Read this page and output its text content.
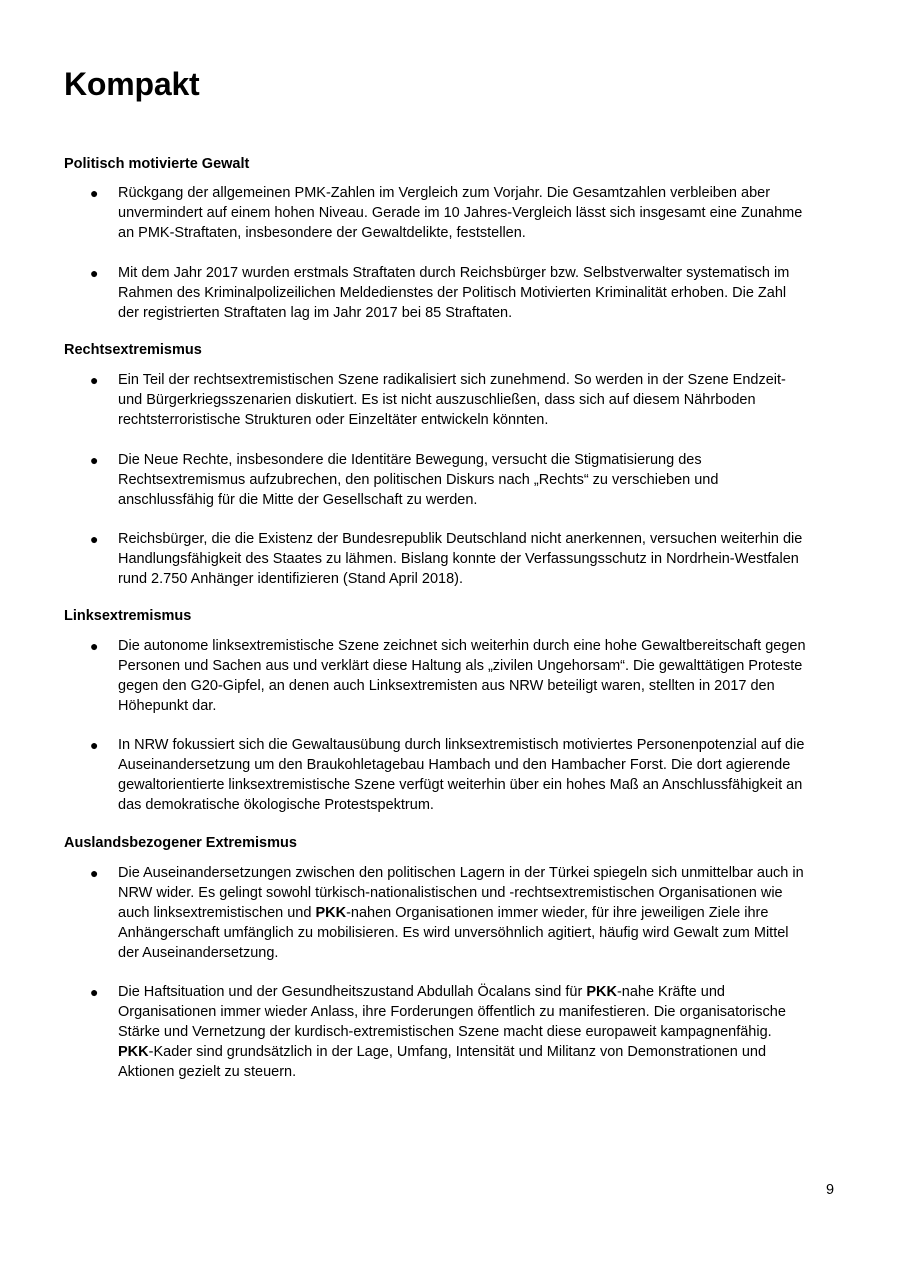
Kompakt
Politisch motivierte Gewalt
● Rückgang der allgemeinen PMK-Zahlen im Vergleich zum Vorjahr. Die Gesamtzahlen verbleiben aber
unvermindert auf einem hohen Niveau. Gerade im 10 Jahres-Vergleich lässt sich insgesamt eine Zunahme
an PMK-Straftaten, insbesondere der Gewaltdelikte, feststellen.
● Mit dem Jahr 2017 wurden erstmals Straftaten durch Reichsbürger bzw. Selbstverwalter systematisch im
Rahmen des Kriminalpolizeilichen Meldedienstes der Politisch Motivierten Kriminalität erhoben. Die Zahl
der registrierten Straftaten lag im Jahr 2017 bei 85 Straftaten.
Rechtsextremismus
● Ein Teil der rechtsextremistischen Szene radikalisiert sich zunehmend. So werden in der Szene Endzeit-
und Bürgerkriegsszenarien diskutiert. Es ist nicht auszuschließen, dass sich auf diesem Nährboden
rechtsterroristische Strukturen oder Einzeltäter entwickeln könnten.
● Die Neue Rechte, insbesondere die Identitäre Bewegung, versucht die Stigmatisierung des
Rechtsextremismus aufzubrechen, den politischen Diskurs nach „Rechts“ zu verschieben und
anschlussfähig für die Mitte der Gesellschaft zu werden.
● Reichsbürger, die die Existenz der Bundesrepublik Deutschland nicht anerkennen, versuchen weiterhin die
Handlungsfähigkeit des Staates zu lähmen. Bislang konnte der Verfassungsschutz in Nordrhein-Westfalen
rund 2.750 Anhänger identifizieren (Stand April 2018).
Linksextremismus
● Die autonome linksextremistische Szene zeichnet sich weiterhin durch eine hohe Gewaltbereitschaft gegen
Personen und Sachen aus und verklärt diese Haltung als „zivilen Ungehorsam“. Die gewalttätigen Proteste
gegen den G20-Gipfel, an denen auch Linksextremisten aus NRW beteiligt waren, stellten in 2017 den
Höhepunkt dar.
● In NRW fokussiert sich die Gewaltausübung durch linksextremistisch motiviertes Personenpotenzial auf die
Auseinandersetzung um den Braukohletagebau Hambach und den Hambacher Forst. Die dort agierende
gewaltorientierte linksextremistische Szene verfügt weiterhin über ein hohes Maß an Anschlussfähigkeit an
das demokratische ökologische Protestspektrum.
Auslandsbezogener Extremismus
● Die Auseinandersetzungen zwischen den politischen Lagern in der Türkei spiegeln sich unmittelbar auch in
NRW wider. Es gelingt sowohl türkisch-nationalistischen und -rechtsextremistischen Organisationen wie
auch linksextremistischen und PKK-nahen Organisationen immer wieder, für ihre jeweiligen Ziele ihre
Anhängerschaft umfänglich zu mobilisieren. Es wird unversöhnlich agitiert, häufig wird Gewalt zum Mittel
der Auseinandersetzung.
● Die Haftsituation und der Gesundheitszustand Abdullah Öcalans sind für PKK-nahe Kräfte und
Organisationen immer wieder Anlass, ihre Forderungen öffentlich zu manifestieren. Die organisatorische
Stärke und Vernetzung der kurdisch-extremistischen Szene macht diese europaweit kampagnenfähig.
PKK-Kader sind grundsätzlich in der Lage, Umfang, Intensität und Militanz von Demonstrationen und
Aktionen gezielt zu steuern.
9
